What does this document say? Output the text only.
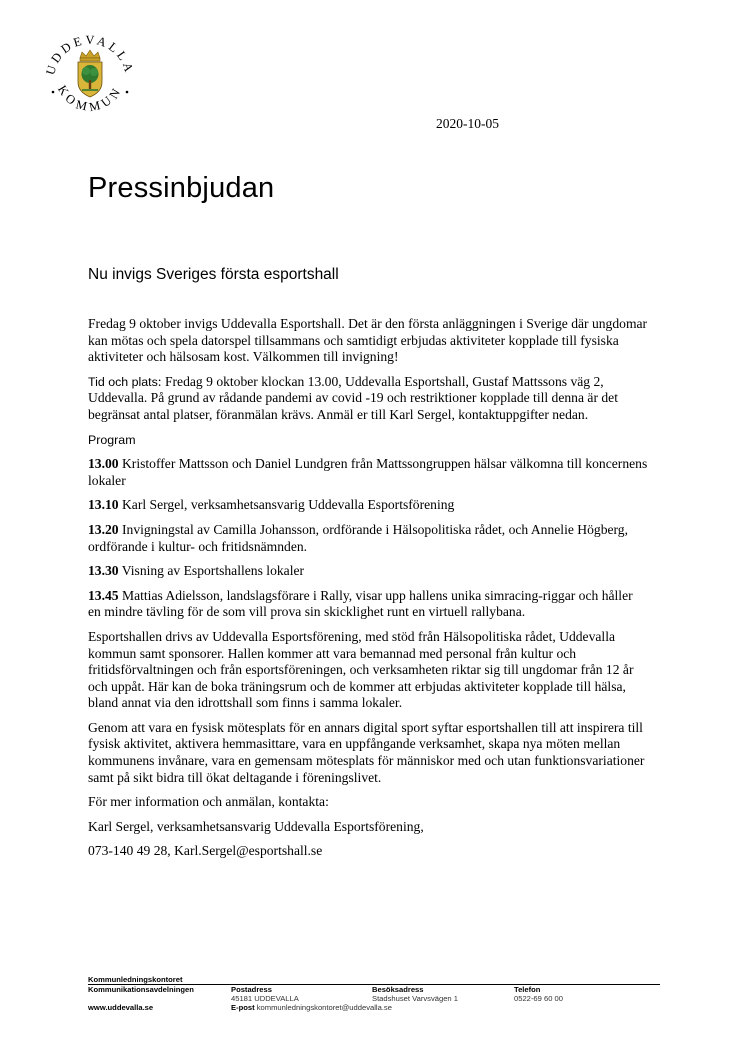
UDDEVALLA
KOMMUN
2020-10-05
Pressinbjudan
Nu invigs Sveriges första esportshall

Fredag 9 oktober invigs Uddevalla Esportshall. Det är den första anläggningen i Sverige där ungdomar kan mötas och spela datorspel tillsammans och samtidigt erbjudas aktiviteter kopplade till fysiska aktiviteter och hälsosam kost. Välkommen till invigning!

Tid och plats: Fredag 9 oktober klockan 13.00, Uddevalla Esportshall, Gustaf Mattssons väg 2, Uddevalla. På grund av rådande pandemi av covid -19 och restriktioner kopplade till denna är det begränsat antal platser, föranmälan krävs. Anmäl er till Karl Sergel, kontaktuppgifter nedan.

Program

13.00 Kristoffer Mattsson och Daniel Lundgren från Mattssongruppen hälsar välkomna till koncernens lokaler

13.10 Karl Sergel, verksamhetsansvarig Uddevalla Esportsförening

13.20 Invigningstal av Camilla Johansson, ordförande i Hälsopolitiska rådet, och Annelie Högberg, ordförande i kultur- och fritidsnämnden.

13.30 Visning av Esportshallens lokaler

13.45 Mattias Adielsson, landslagsförare i Rally, visar upp hallens unika simracing-riggar och håller en mindre tävling för de som vill prova sin skicklighet runt en virtuell rallybana.

Esportshallen drivs av Uddevalla Esportsförening, med stöd från Hälsopolitiska rådet, Uddevalla kommun samt sponsorer. Hallen kommer att vara bemannad med personal från kultur och fritidsförvaltningen och från esportsföreningen, och verksamheten riktar sig till ungdomar från 12 år och uppåt. Här kan de boka träningsrum och de kommer att erbjudas aktiviteter kopplade till hälsa, bland annat via den idrottshall som finns i samma lokaler.

Genom att vara en fysisk mötesplats för en annars digital sport syftar esportshallen till att inspirera till fysisk aktivitet, aktivera hemmasittare, vara en uppfångande verksamhet, skapa nya möten mellan kommunens invånare, vara en gemensam mötesplats för människor med och utan funktionsvariationer samt på sikt bidra till ökat deltagande i föreningslivet.

För mer information och anmälan, kontakta:

Karl Sergel, verksamhetsansvarig Uddevalla Esportsförening,

073-140 49 28, Karl.Sergel@esportshall.se

Kommunledningskontoret
Kommunikationsavdelningen	Postadress	Besöksadress	Telefon
45181 UDDEVALLA	Stadshuset Varvsvägen 1	0522-69 60 00
www.uddevalla.se	E-post kommunledningskontoret@uddevalla.se
